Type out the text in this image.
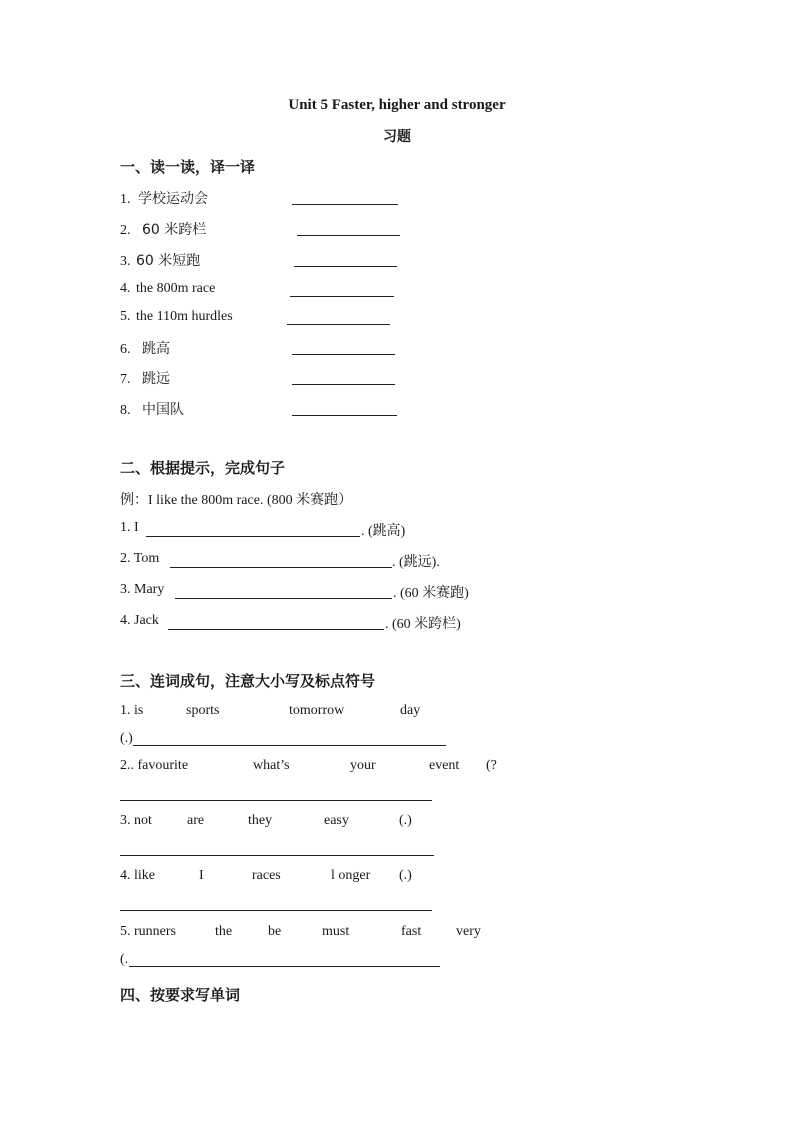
Unit 5 Faster, higher and stronger
习题
一、读一读，译一译
1. 学校运动会
2. 60 米跨栏
3. 60 米短跑
4. the 800m race
5. the 110m hurdles
6. 跳高
7. 跳远
8. 中国队
二、根据提示，完成句子
例：I like the 800m race. (800 米赛跑）
1. I	. (跳高)
2. Tom	. (跳远).
3. Mary	. (60 米赛跑)
4. Jack	. (60 米跨栏)
三、连词成句，注意大小写及标点符号
1. is	sports	tomorrow	day
(.)
2.. favourite	what’s	your	event (?
3. not	are	they	easy	(.)
4. like	I	races	l onger (.)
5. runners	the	be	must	fast very
(.
四、按要求写单词
